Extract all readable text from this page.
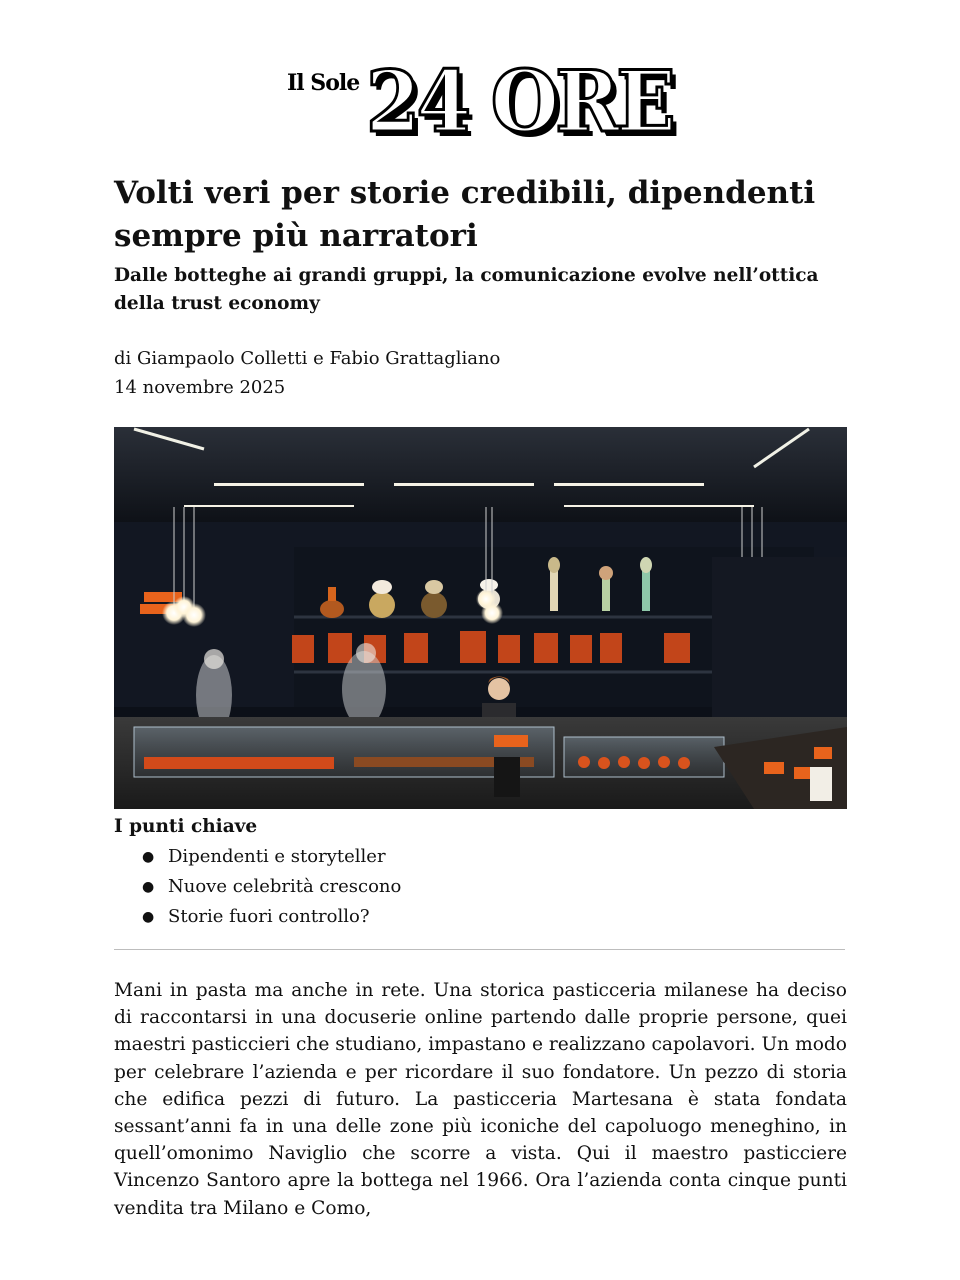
Il Sole 24 ORE
Volti veri per storie credibili, dipendenti sempre più narratori
Dalle botteghe ai grandi gruppi, la comunicazione evolve nell’ottica della trust economy
di Giampaolo Colletti e Fabio Grattagliano
14 novembre 2025
I punti chiave
● Dipendenti e storyteller
● Nuove celebrità crescono
● Storie fuori controllo?

Mani in pasta ma anche in rete. Una storica pasticceria milanese ha deciso di raccontarsi in una docuserie online partendo dalle proprie persone, quei maestri pasticcieri che studiano, impastano e realizzano capolavori. Un modo per celebrare l’azienda e per ricordare il suo fondatore. Un pezzo di storia che edifica pezzi di futuro. La pasticceria Martesana è stata fondata sessant’anni fa in una delle zone più iconiche del capoluogo meneghino, in quell’omonimo Naviglio che scorre a vista. Qui il maestro pasticciere Vincenzo Santoro apre la bottega nel 1966. Ora l’azienda conta cinque punti vendita tra Milano e Como,
